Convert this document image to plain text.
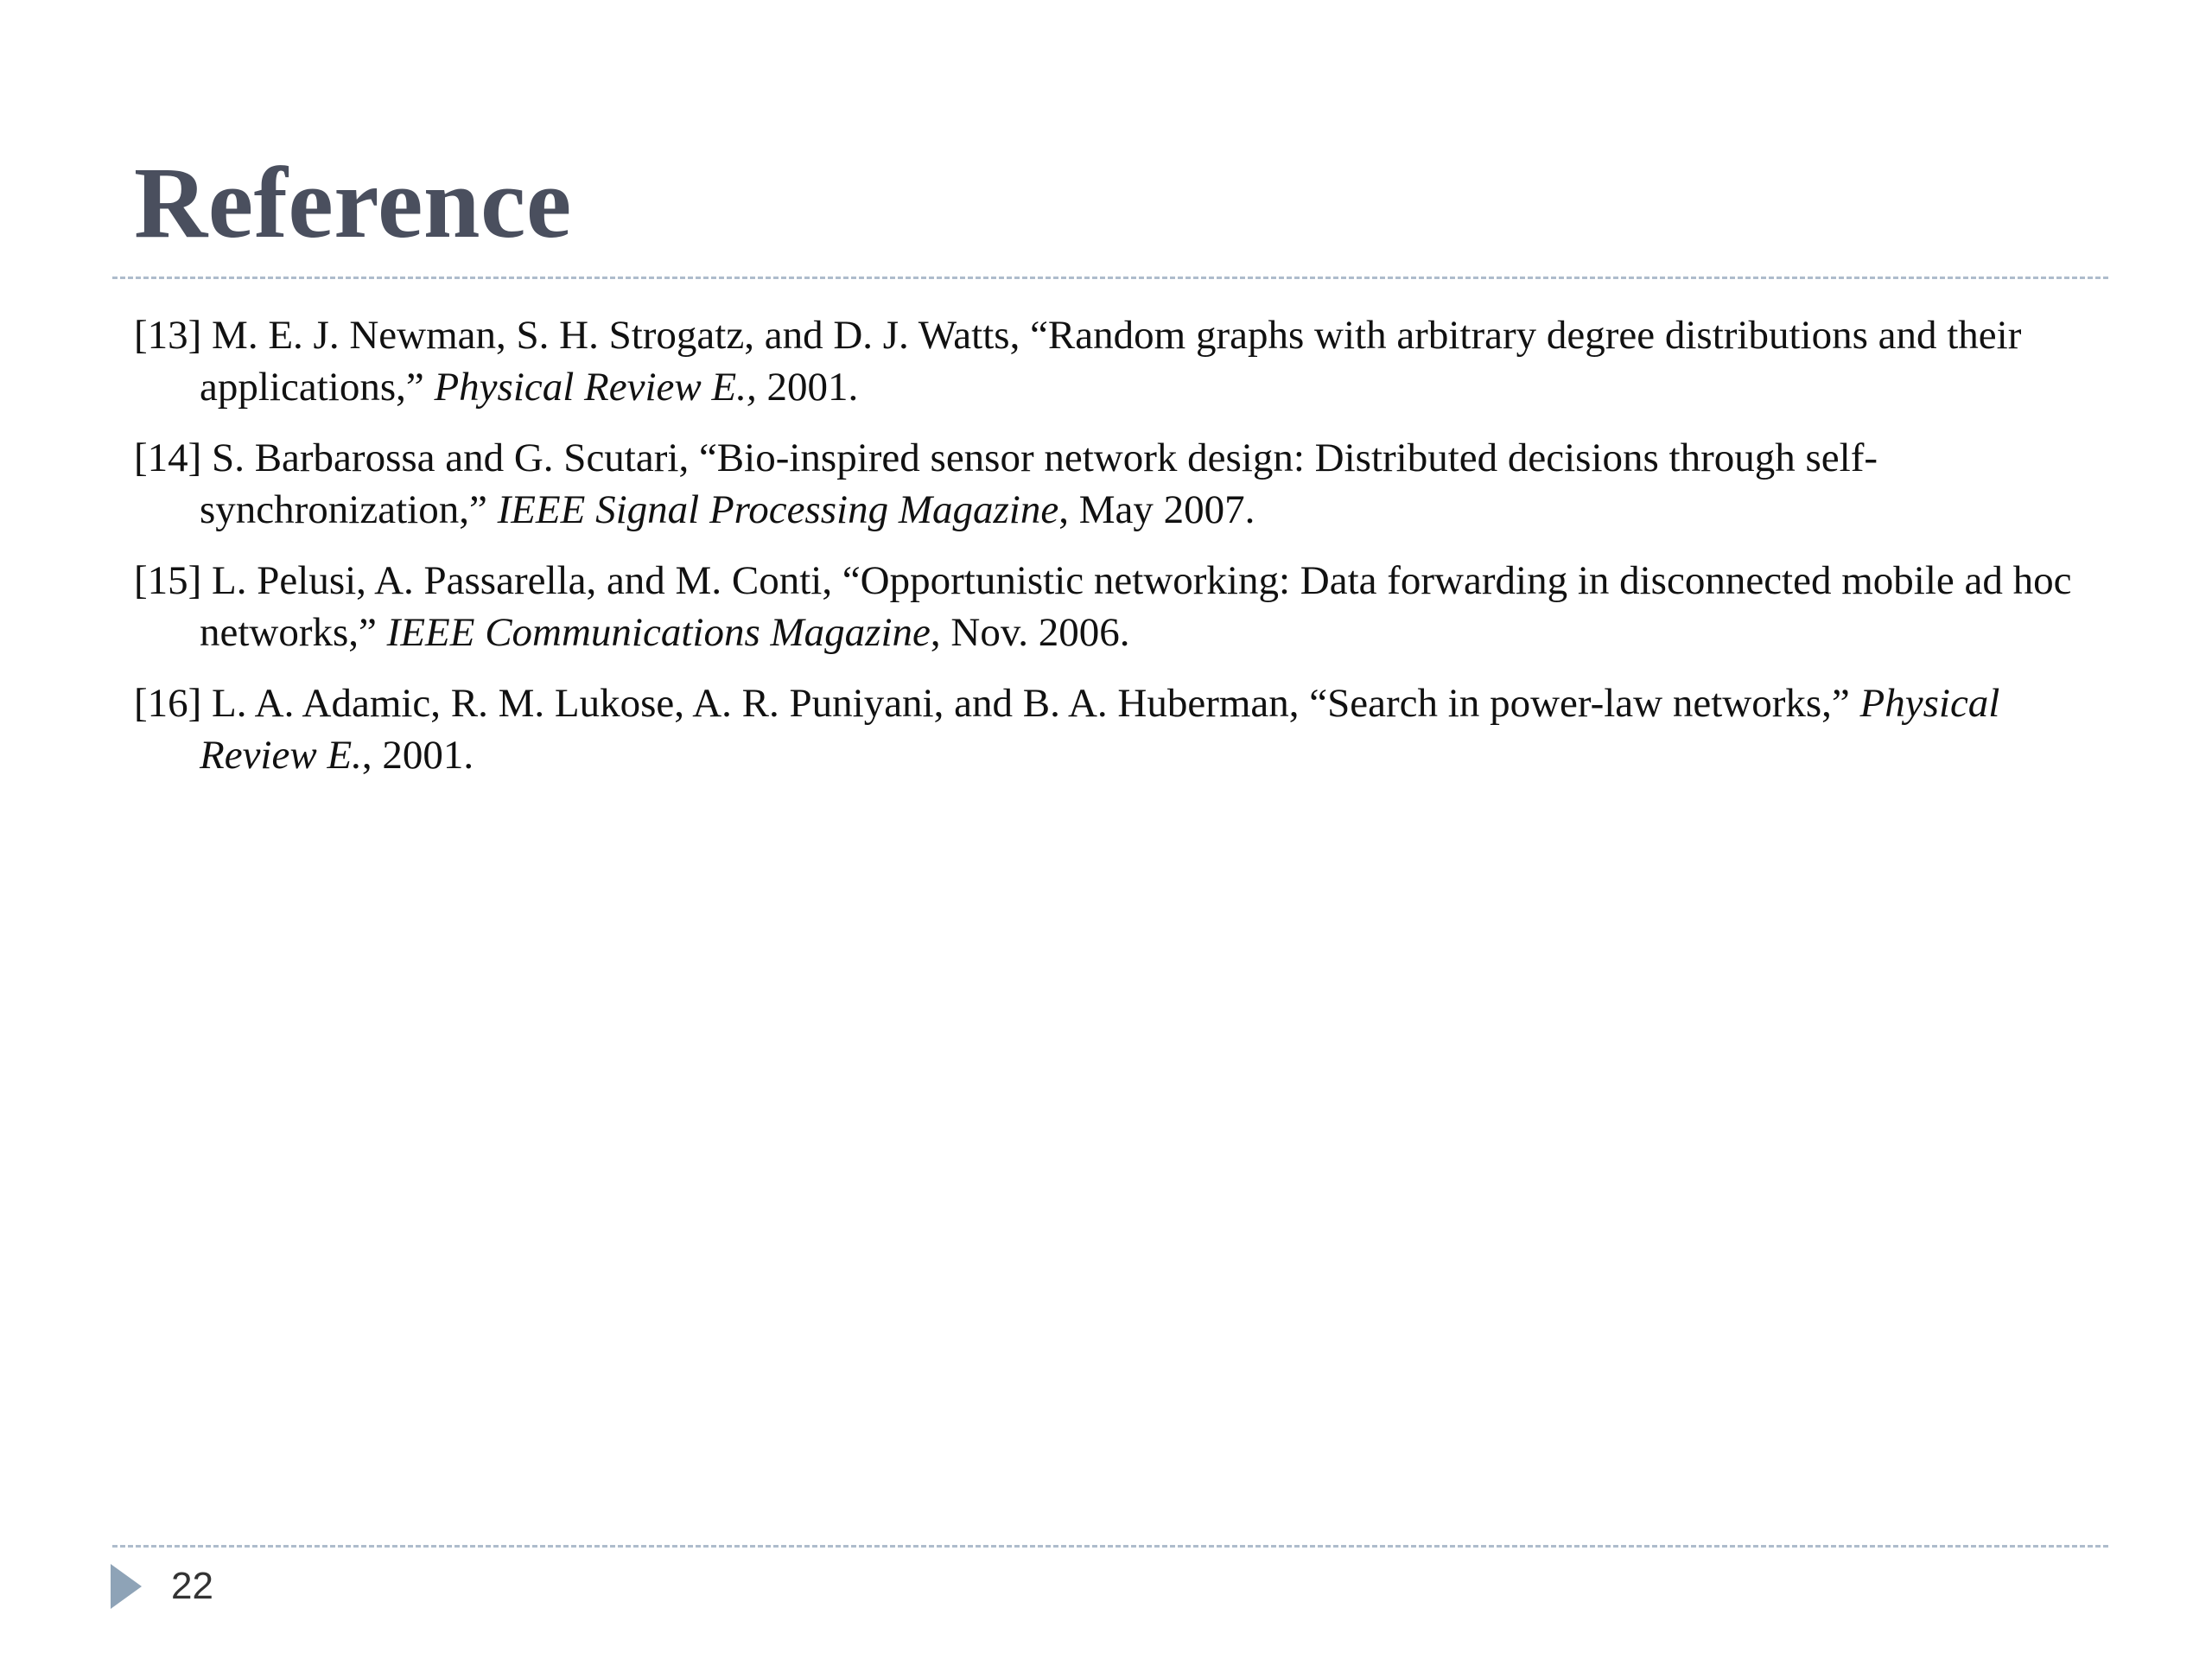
Reference

[13] M. E. J. Newman, S. H. Strogatz, and D. J. Watts, “Random graphs with arbitrary degree distributions and their applications,” Physical Review E., 2001.

[14] S. Barbarossa and G. Scutari, “Bio-inspired sensor network design: Distributed decisions through self-synchronization,” IEEE Signal Processing Magazine, May 2007.

[15] L. Pelusi, A. Passarella, and M. Conti, “Opportunistic networking: Data forwarding in disconnected mobile ad hoc networks,” IEEE Communications Magazine, Nov. 2006.

[16] L. A. Adamic, R. M. Lukose, A. R. Puniyani, and B. A. Huberman, “Search in power-law networks,” Physical Review E., 2001.

22
